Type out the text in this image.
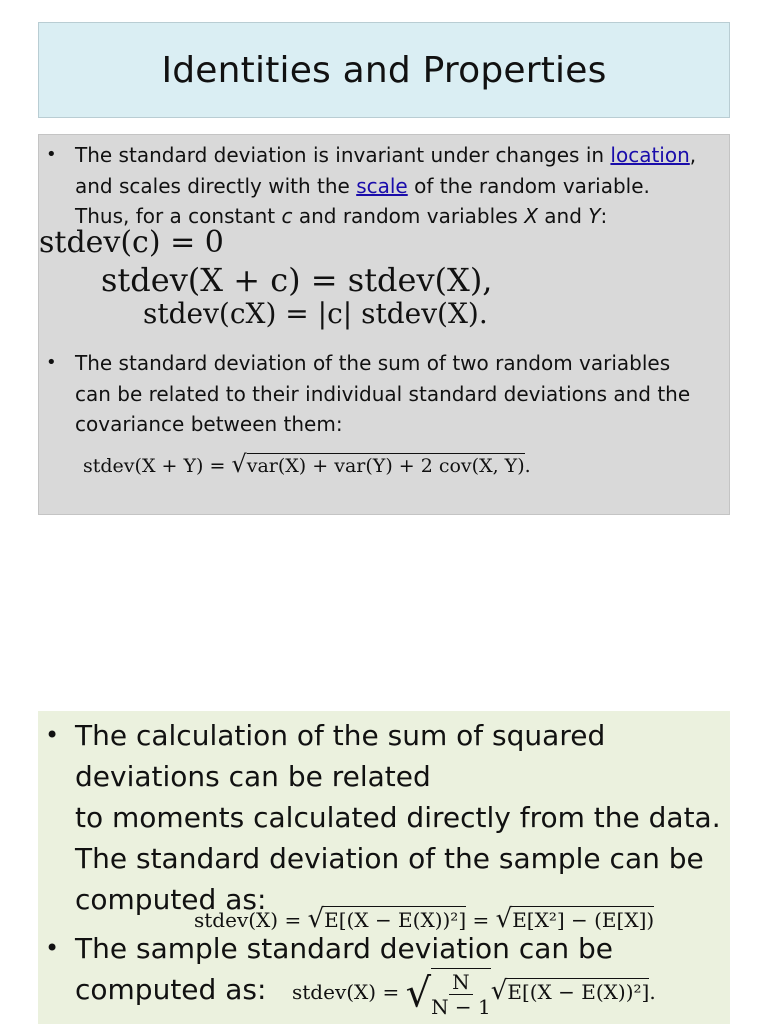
Identities and Properties
• The standard deviation is invariant under changes in location,
and scales directly with the scale of the random variable.
Thus, for a constant c and random variables X and Y:
stdev(c) = 0
stdev(X + c) = stdev(X),
stdev(cX) = |c| stdev(X).
• The standard deviation of the sum of two random variables
can be related to their individual standard deviations and the
covariance between them:
stdev(X + Y) = √var(X) + var(Y) + 2 cov(X, Y).
• The calculation of the sum of squared
deviations can be related
to moments calculated directly from the data.
The standard deviation of the sample can be
computed as:
stdev(X) = √E[(X − E(X))²] = √E[X²] − (E[X])
• The sample standard deviation can be
computed as:	stdev(X) = √ $\frac{N}{N - 1} √E[(X - E(X))^2]$.
